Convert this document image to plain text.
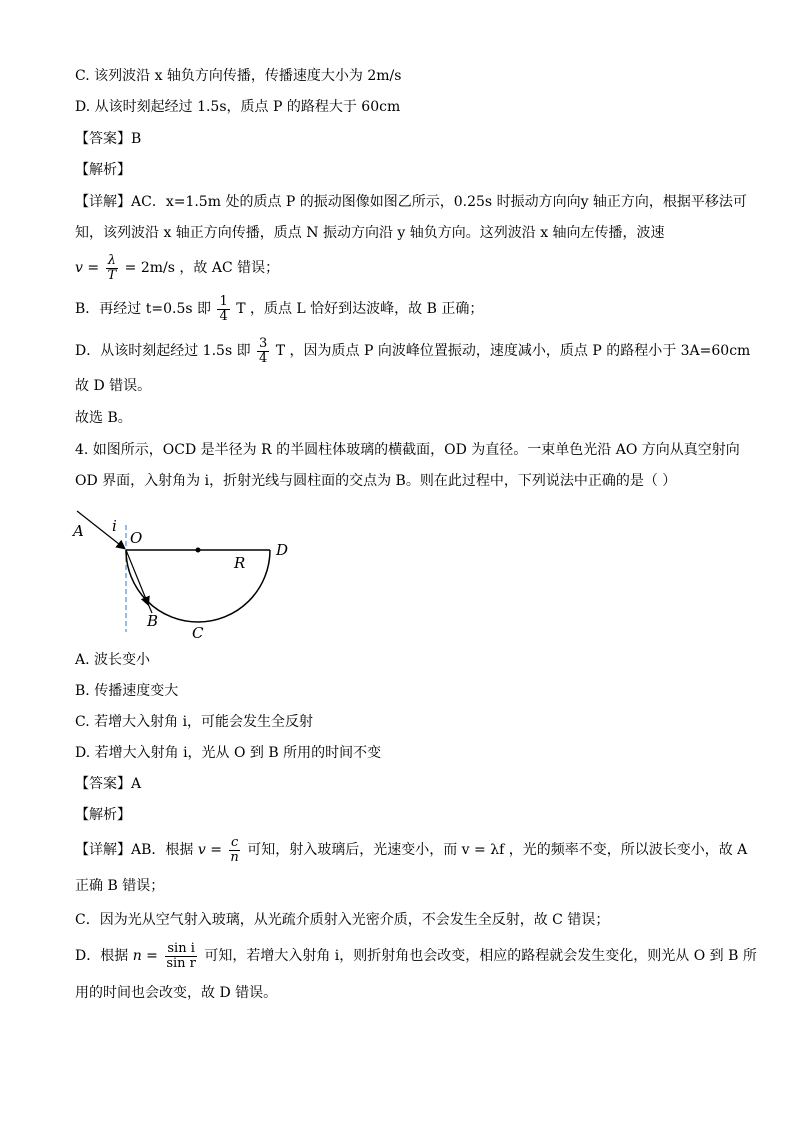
C. 该列波沿 x 轴负方向传播，传播速度大小为 2m/s
D. 从该时刻起经过 1.5s，质点 P 的路程大于 60cm
【答案】B
【解析】
【详解】AC．x=1.5m 处的质点 P 的振动图像如图乙所示，0.25s 时振动方向向y 轴正方向，根据平移法可
知，该列波沿 x 轴正方向传播，质点 N 振动方向沿 y 轴负方向。这列波沿 x 轴向左传播，波速
$v = \frac{\lambda}{T} = 2m/s$ ，故 AC 错误；
B．再经过 t=0.5s 即 $\frac{1}{4}$ T ，质点 L 恰好到达波峰，故 B 正确；
D．从该时刻起经过 1.5s 即 $\frac{3}{4}$ T ，因为质点 P 向波峰位置振动，速度减小，质点 P 的路程小于 3A=60cm
故 D 错误。
故选 B。
4. 如图所示，OCD 是半径为 R 的半圆柱体玻璃的横截面，OD 为直径。一束单色光沿 AO 方向从真空射向
OD 界面，入射角为 i，折射光线与圆柱面的交点为 B。则在此过程中，下列说法中正确的是（ ）
A i
O
D
R
B
C
A. 波长变小
B. 传播速度变大
C. 若增大入射角 i，可能会发生全反射
D. 若增大入射角 i，光从 O 到 B 所用的时间不变
【答案】A
【解析】
【详解】AB．根据 $v = \frac{c}{n}$ 可知，射入玻璃后，光速变小，而 v = λf ，光的频率不变，所以波长变小，故 A
正确 B 错误；
C．因为光从空气射入玻璃，从光疏介质射入光密介质，不会发生全反射，故 C 错误；
D．根据 $n = \frac{\text{sin i}}{\text{sin r}}$ 可知，若增大入射角 i，则折射角也会改变，相应的路程就会发生变化，则光从 O 到 B 所
用的时间也会改变，故 D 错误。
